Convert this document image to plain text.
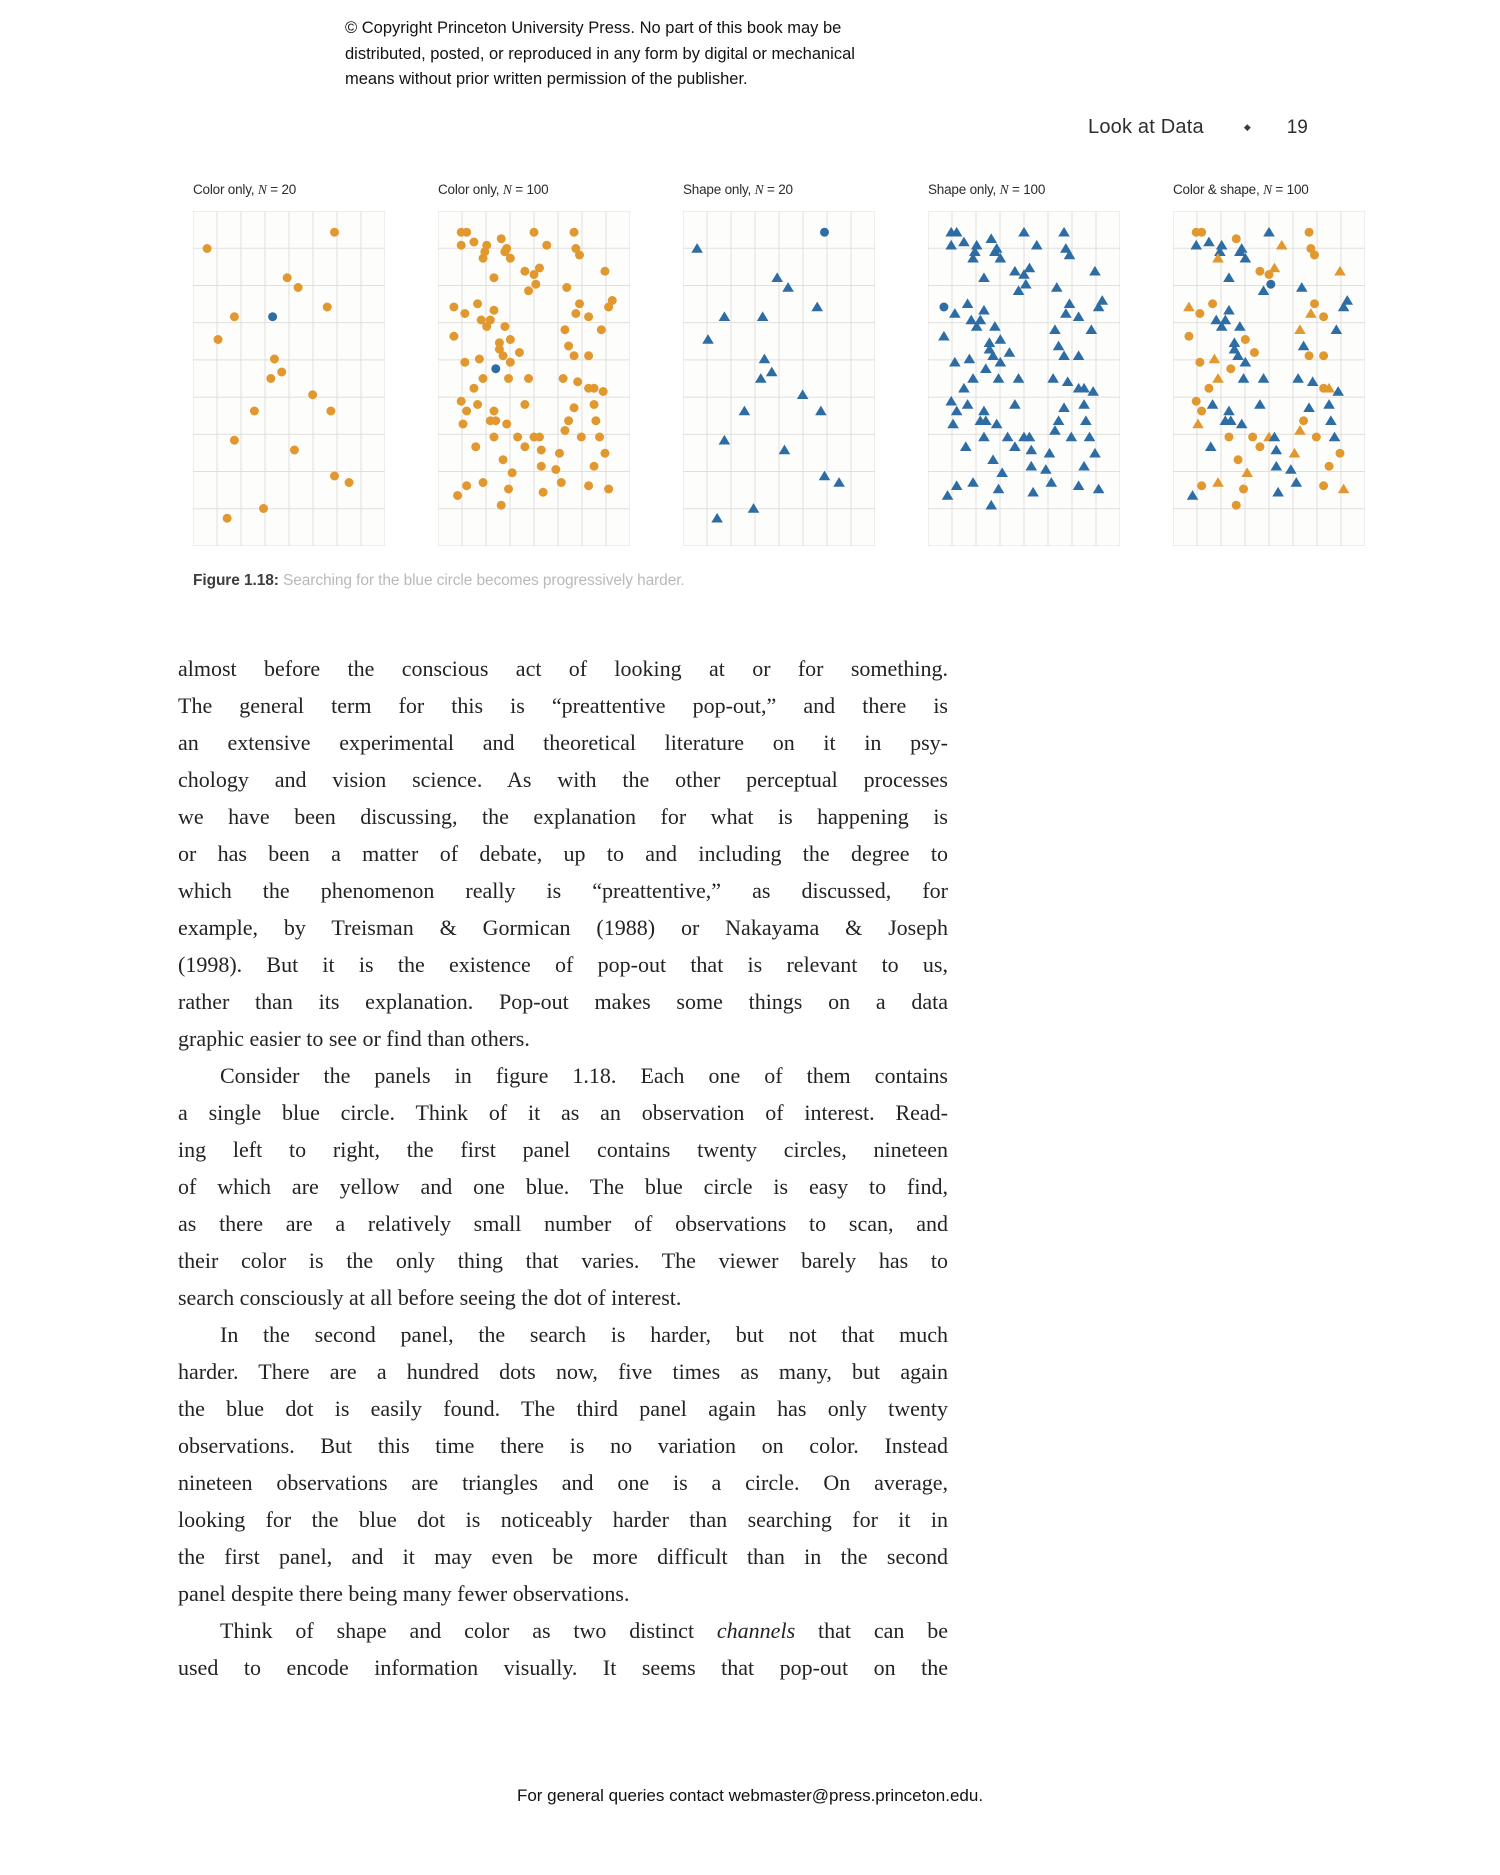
© Copyright Princeton University Press. No part of this book may be
distributed, posted, or reproduced in any form by digital or mechanical
means without prior written permission of the publisher.
Look at Data	◆ 19
Color only, N = 20	Color only, N = 100	Shape only, N = 20	Shape only, N = 100	Color & shape, N = 100
Figure 1.18: Searching for the blue circle becomes progressively harder.
almost before the conscious act of looking at or for something.
The general term for this is “preattentive pop-out,” and there is
an extensive experimental and theoretical literature on it in psy-
chology and vision science. As with the other perceptual processes
we have been discussing, the explanation for what is happening is
or has been a matter of debate, up to and including the degree to
which the phenomenon really is “preattentive,” as discussed, for
example, by Treisman & Gormican (1988) or Nakayama & Joseph
(1998). But it is the existence of pop-out that is relevant to us,
rather than its explanation. Pop-out makes some things on a data
graphic easier to see or find than others.
Consider the panels in figure 1.18. Each one of them contains
a single blue circle. Think of it as an observation of interest. Read-
ing left to right, the first panel contains twenty circles, nineteen
of which are yellow and one blue. The blue circle is easy to find,
as there are a relatively small number of observations to scan, and
their color is the only thing that varies. The viewer barely has to
search consciously at all before seeing the dot of interest.
In the second panel, the search is harder, but not that much
harder. There are a hundred dots now, five times as many, but again
the blue dot is easily found. The third panel again has only twenty
observations. But this time there is no variation on color. Instead
nineteen observations are triangles and one is a circle. On average,
looking for the blue dot is noticeably harder than searching for it in
the first panel, and it may even be more difficult than in the second
panel despite there being many fewer observations.
Think of shape and color as two distinct channels that can be
used to encode information visually. It seems that pop-out on the
For general queries contact webmaster@press.princeton.edu.
